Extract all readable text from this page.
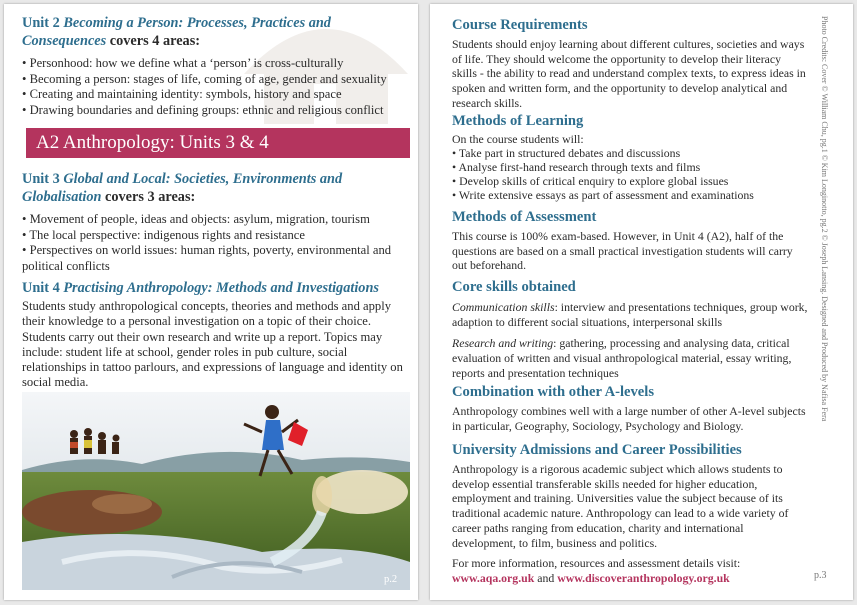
Unit 2 Becoming a Person: Processes, Practices and Consequences covers 4 areas:

• Personhood: how we define what a ‘person’ is cross-culturally
• Becoming a person: stages of life, coming of age, gender and sexuality
• Creating and maintaining identity: symbols, history and space
• Drawing boundaries and defining groups: ethnic and religious conflict
A2 Anthropology: Units 3 & 4

Unit 3 Global and Local: Societies, Environments and Globalisation covers 3 areas:

• Movement of people, ideas and objects: asylum, migration, tourism
• The local perspective: indigenous rights and resistance
• Perspectives on world issues: human rights, poverty, environmental and political conflicts

Unit 4 Practising Anthropology: Methods and Investigations

Students study anthropological concepts, theories and methods and apply their knowledge to a personal investigation on a topic of their choice. Students carry out their own research and write up a report. Topics may include: student life at school, gender roles in pub culture, social relationships in tattoo parlours, and expressions of language and identity on social media.

p.2

Course Requirements

Students should enjoy learning about different cultures, societies and ways of life. They should welcome the opportunity to develop their literacy skills - the ability to read and understand complex texts, to express ideas in spoken and written form, and the opportunity to develop analytical and research skills.

Methods of Learning

On the course students will:

• Take part in structured debates and discussions
• Analyse first-hand research through texts and films
• Develop skills of critical enquiry to explore global issues
• Write extensive essays as part of assessment and examinations

Methods of Assessment

This course is 100% exam-based. However, in Unit 4 (A2), half of the questions are based on a small practical investigation students will carry out beforehand.

Core skills obtained

Communication skills: interview and presentations techniques, group work, adaption to different social situations, interpersonal skills

Research and writing: gathering, processing and analysing data, critical evaluation of written and visual anthropological material, essay writing, reports and presentation techniques

Combination with other A-levels

Anthropology combines well with a large number of other A-level subjects in particular, Geography, Sociology, Psychology and Biology.

University Admissions and Career Possibilities

Anthropology is a rigorous academic subject which allows students to develop essential transferable skills needed for higher education, employment and training. Universities value the subject because of its traditional academic nature. Anthropology can lead to a wide variety of career paths ranging from education, charity and international development, to film, business and politics.

For more information, resources and assessment details visit:

www.aqa.org.uk and www.discoveranthropology.org.uk

Photo Credits: Cover © William Chu, pg.1 © Kim Longinotto, pg.2 © Joseph Lansing. Designed and Produced by Nafisa Fera
p.3
